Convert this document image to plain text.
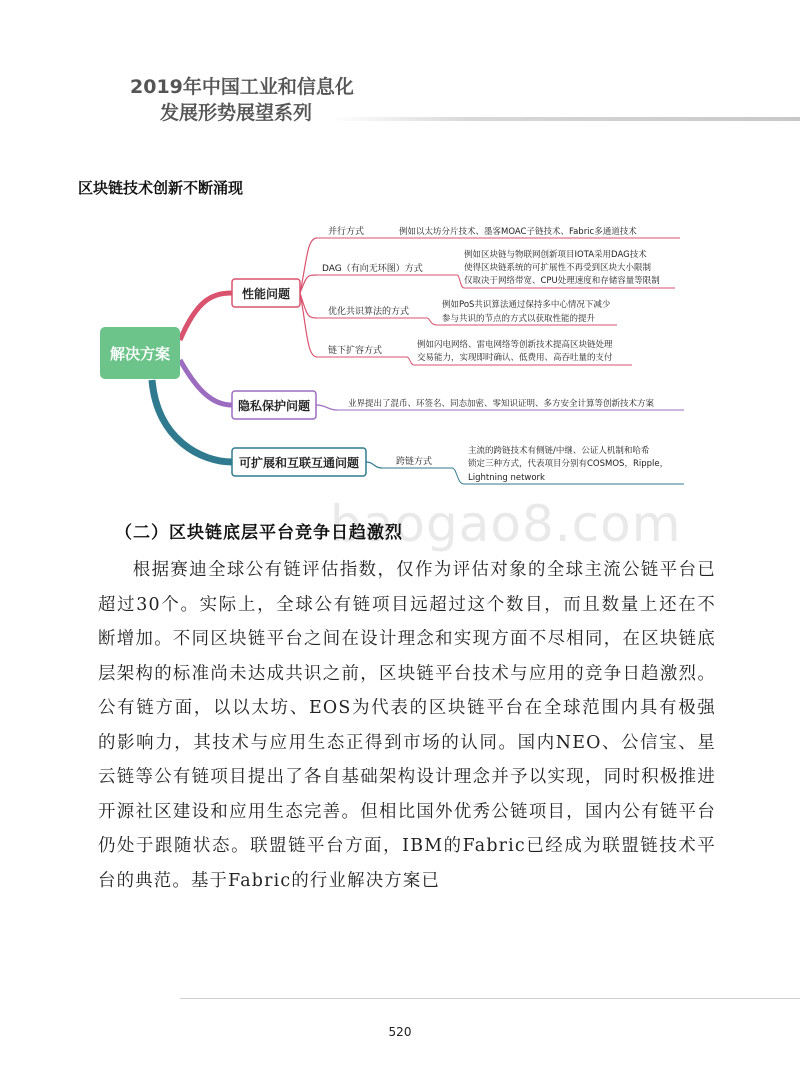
2019年中国工业和信息化
发展形势展望系列
区块链技术创新不断涌现
解决方案
性能问题
并行方式	例如以太坊分片技术、墨客MOAC子链技术、Fabric多通道技术
DAG（有向无环图）方式
例如区块链与物联网创新项目IOTA采用DAG技术
使得区块链系统的可扩展性不再受到区块大小限制
仅取决于网络带宽、CPU处理速度和存储容量等限制
优化共识算法的方式
例如PoS共识算法通过保持多中心情况下减少
参与共识的节点的方式以获取性能的提升
链下扩容方式
例如闪电网络、雷电网络等创新技术提高区块链处理
交易能力，实现即时确认、低费用、高吞吐量的支付
隐私保护问题	业界提出了混币、环签名、同态加密、零知识证明、多方安全计算等创新技术方案
可扩展和互联互通问题	跨链方式
主流的跨链技术有侧链/中继、公证人机制和哈希
锁定三种方式，代表项目分别有COSMOS，Ripple，
Lightning network
baogao8.com
（二）区块链底层平台竞争日趋激烈
根据赛迪全球公有链评估指数，仅作为评估对象的全球主流公链平台已超过30个。实际上，全球公有链项目远超过这个数目，而且数量上还在不断增加。不同区块链平台之间在设计理念和实现方面不尽相同，在区块链底层架构的标准尚未达成共识之前，区块链平台技术与应用的竞争日趋激烈。公有链方面，以以太坊、EOS为代表的区块链平台在全球范围内具有极强的影响力，其技术与应用生态正得到市场的认同。国内NEO、公信宝、星云链等公有链项目提出了各自基础架构设计理念并予以实现，同时积极推进开源社区建设和应用生态完善。但相比国外优秀公链项目，国内公有链平台仍处于跟随状态。联盟链平台方面，IBM的Fabric已经成为联盟链技术平台的典范。基于Fabric的行业解决方案已
520
